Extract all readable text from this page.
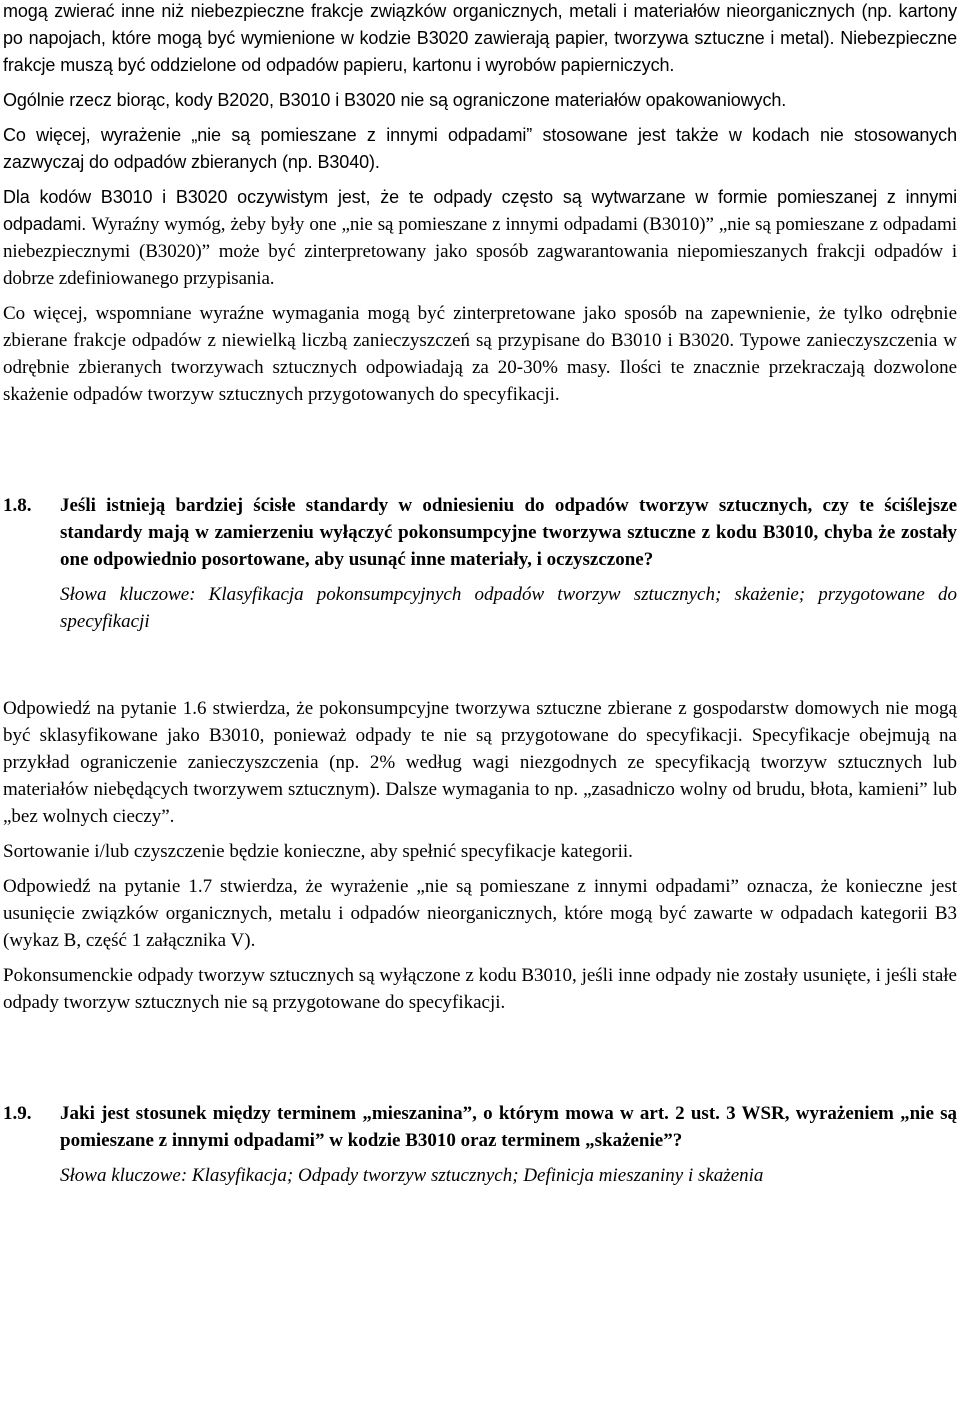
mogą zwierać inne niż niebezpieczne frakcje związków organicznych, metali i materiałów nieorganicznych (np. kartony po napojach, które mogą być wymienione w kodzie B3020 zawierają papier, tworzywa sztuczne i metal). Niebezpieczne frakcje muszą być oddzielone od odpadów papieru, kartonu i wyrobów papierniczych.

Ogólnie rzecz biorąc, kody B2020, B3010 i B3020 nie są ograniczone materiałów opakowaniowych.

Co więcej, wyrażenie „nie są pomieszane z innymi odpadami” stosowane jest także w kodach nie stosowanych zazwyczaj do odpadów zbieranych (np. B3040).

Dla kodów B3010 i B3020 oczywistym jest, że te odpady często są wytwarzane w formie pomieszanej z innymi odpadami. Wyraźny wymóg, żeby były one „nie są pomieszane z innymi odpadami (B3010)” „nie są pomieszane z odpadami niebezpiecznymi (B3020)” może być zinterpretowany jako sposób zagwarantowania niepomieszanych frakcji odpadów i dobrze zdefiniowanego przypisania.

Co więcej, wspomniane wyraźne wymagania mogą być zinterpretowane jako sposób na zapewnienie, że tylko odrębnie zbierane frakcje odpadów z niewielką liczbą zanieczyszczeń są przypisane do B3010 i B3020. Typowe zanieczyszczenia w odrębnie zbieranych tworzywach sztucznych odpowiadają za 20-30% masy. Ilości te znacznie przekraczają dozwolone skażenie odpadów tworzyw sztucznych przygotowanych do specyfikacji.

1.8.	Jeśli istnieją bardziej ścisłe standardy w odniesieniu do odpadów tworzyw sztucznych, czy te ściślejsze standardy mają w zamierzeniu wyłączyć pokonsumpcyjne tworzywa sztuczne z kodu B3010, chyba że zostały one odpowiednio posortowane, aby usunąć inne materiały, i oczyszczone?

Słowa kluczowe: Klasyfikacja pokonsumpcyjnych odpadów tworzyw sztucznych; skażenie; przygotowane do specyfikacji

Odpowiedź na pytanie 1.6 stwierdza, że pokonsumpcyjne tworzywa sztuczne zbierane z gospodarstw domowych nie mogą być sklasyfikowane jako B3010, ponieważ odpady te nie są przygotowane do specyfikacji. Specyfikacje obejmują na przykład ograniczenie zanieczyszczenia (np. 2% według wagi niezgodnych ze specyfikacją tworzyw sztucznych lub materiałów niebędących tworzywem sztucznym). Dalsze wymagania to np. „zasadniczo wolny od brudu, błota, kamieni” lub „bez wolnych cieczy”.

Sortowanie i/lub czyszczenie będzie konieczne, aby spełnić specyfikacje kategorii.

Odpowiedź na pytanie 1.7 stwierdza, że wyrażenie „nie są pomieszane z innymi odpadami” oznacza, że konieczne jest usunięcie związków organicznych, metalu i odpadów nieorganicznych, które mogą być zawarte w odpadach kategorii B3 (wykaz B, część 1 załącznika V).

Pokonsumenckie odpady tworzyw sztucznych są wyłączone z kodu B3010, jeśli inne odpady nie zostały usunięte, i jeśli stałe odpady tworzyw sztucznych nie są przygotowane do specyfikacji.

1.9.	Jaki jest stosunek między terminem „mieszanina”, o którym mowa w art. 2 ust. 3 WSR, wyrażeniem „nie są pomieszane z innymi odpadami” w kodzie B3010 oraz terminem „skażenie”?

Słowa kluczowe: Klasyfikacja; Odpady tworzyw sztucznych; Definicja mieszaniny i skażenia
